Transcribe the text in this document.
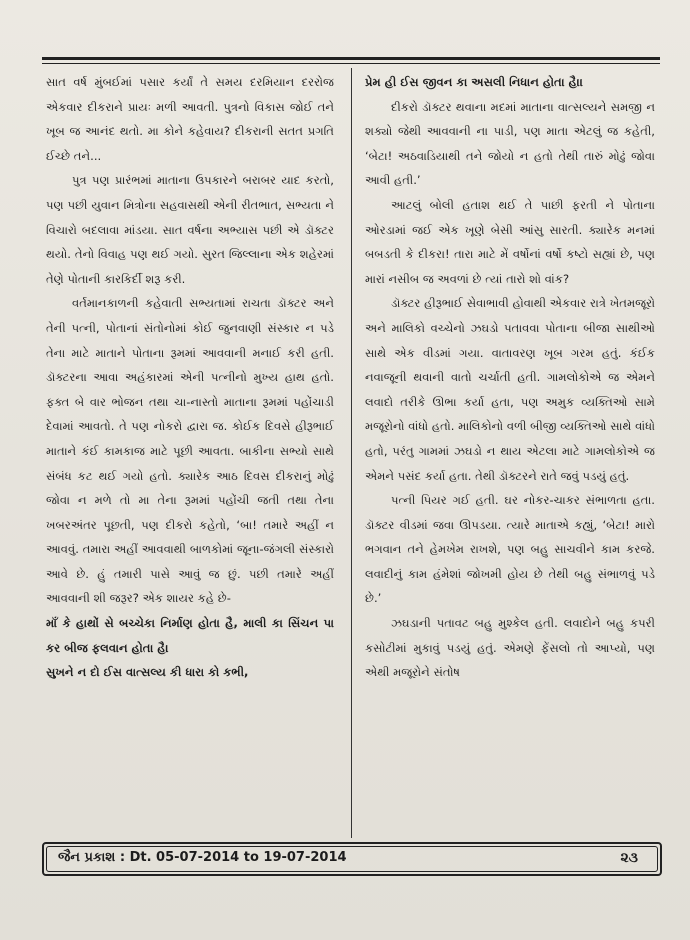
સાત વર્ષ મુંબઈમાં પસાર કર્યાં તે સમય દરમિયાન દરરોજ એકવાર દીકરાને પ્રાયઃ મળી આવતી. પુત્રનો વિકાસ જોઈ તને ખૂબ જ આનંદ થતો. મા કોને કહેવાય? દીકરાની સતત પ્રગતિ ઈચ્છે તને...

પુત્ર પણ પ્રારંભમાં માતાના ઉપકારને બરાબર યાદ કરતો, પણ પછી યુવાન મિત્રોના સહવાસથી એની રીતભાત, સભ્યતા ને વિચારો બદલાવા માંડયા. સાત વર્ષના અભ્યાસ પછી એ ડૉક્ટર થયો. તેનો વિવાહ પણ થઈ ગયો. સુરત જિલ્લાના એક શહેરમાં તેણે પોતાની કારકિર્દી શરૂ કરી.

વર્તમાનકાળની કહેવાતી સભ્યતામાં રાચતા ડૉક્ટર અને તેની પત્ની, પોતાનાં સંતોનોમાં કોઈ જુનવાણી સંસ્કાર ન પડે તેના માટે માતાને પોતાના રૂમમાં આવવાની મનાઈ કરી હતી. ડૉક્ટરના આવા અહંકારમાં એની પત્નીનો મુખ્ય હાથ હતો. ફક્ત બે વાર ભોજન તથા ચા-નાસ્તો માતાના રૂમમાં પહોંચાડી દેવામાં આવતો. તે પણ નોકરો દ્વારા જ. કોઈક દિવસે હીરૂભાઈ માતાને કંઈ કામકાજ માટે પૂછી આવતા. બાકીના સભ્યો સાથે સંબંધ કટ થઈ ગયો હતો. ક્યારેક આઠ દિવસ દીકરાનું મોઢું જોવા ન મળે તો મા તેના રૂમમાં પહોંચી જતી તથા તેના ખબરઅંતર પૂછતી, પણ દીકરો કહેતો, ‘બા! તમારે અહીં ન આવવું. તમારા અહીં આવવાથી બાળકોમાં જૂના-જંગલી સંસ્કારો આવે છે. હું તમારી પાસે આવું જ છું. પછી તમારે અહીં આવવાની શી જરૂર? એક શાયર કહે છે-

માઁ કે હાથોં સે બચ્ચેકા નિર્માણ હોતા હૈ, માલી કા સિંચન પા કર બીજ ફલવાન હોતા હૈ।

સુખને ન દો ઈસ વાત્સલ્ય કી ધારા કો કભી,

પ્રેમ હી ઈસ જીવન કા અસલી નિધાન હોતા હૈ।।

દીકરો ડૉક્ટર થવાના મદમાં માતાના વાત્સલ્યને સમજી ન શક્યો જેથી આવવાની ના પાડી, પણ માતા એટલું જ કહેતી, ‘બેટા! અઠવાડિયાથી તને જોયો ન હતો તેથી તારું મોઢું જોવા આવી હતી.’

આટલું બોલી હતાશ થઈ તે પાછી ફરતી ને પોતાના ઓરડામાં જઈ એક ખૂણે બેસી આંસુ સારતી. ક્યારેક મનમાં બબડતી કે દીકરા! તારા માટે મેં વર્ષોનાં વર્ષો કષ્ટો સહ્યાં છે, પણ મારાં નસીબ જ અવળાં છે ત્યાં તારો શો વાંક?

ડૉક્ટર હીરૂભાઈ સેવાભાવી હોવાથી એકવાર રાત્રે ખેતમજૂરો અને માલિકો વચ્ચેનો ઝઘડો પતાવવા પોતાના બીજા સાથીઓ સાથે એક વીડમાં ગયા. વાતાવરણ ખૂબ ગરમ હતું. કંઈક નવાજૂની થવાની વાતો ચર્ચાતી હતી. ગામલોકોએ જ એમને લવાદો તરીકે ઊભા કર્યા હતા, પણ અમુક વ્યક્તિઓ સામે મજૂરોનો વાંધો હતો. માલિકોનો વળી બીજી વ્યક્તિઓ સાથે વાંધો હતો, પરંતુ ગામમાં ઝઘડો ન થાય એટલા માટે ગામલોકોએ જ એમને પસંદ કર્યા હતા. તેથી ડૉક્ટરને રાતે જવું પડયું હતું.

પત્ની પિયર ગઈ હતી. ઘર નોકર-ચાકર સંભાળતા હતા. ડૉક્ટર વીડમાં જવા ઊપડયા. ત્યારે માતાએ કહ્યું, ‘બેટા! મારો ભગવાન તને હેમખેમ રાખશે, પણ બહુ સાચવીને કામ કરજે. લવાદીનું કામ હંમેશાં જોખમી હોય છે તેથી બહુ સંભાળવું પડે છે.’

ઝઘડાની પતાવટ બહુ મુશ્કેલ હતી. લવાદોને બહુ કપરી કસોટીમાં મુકાવું પડયું હતું. એમણે ફેંસલો તો આપ્યો, પણ એથી મજૂરોને સંતોષ

જૈન પ્રકાશ : Dt. 05-07-2014 to 19-07-2014	૨૩
